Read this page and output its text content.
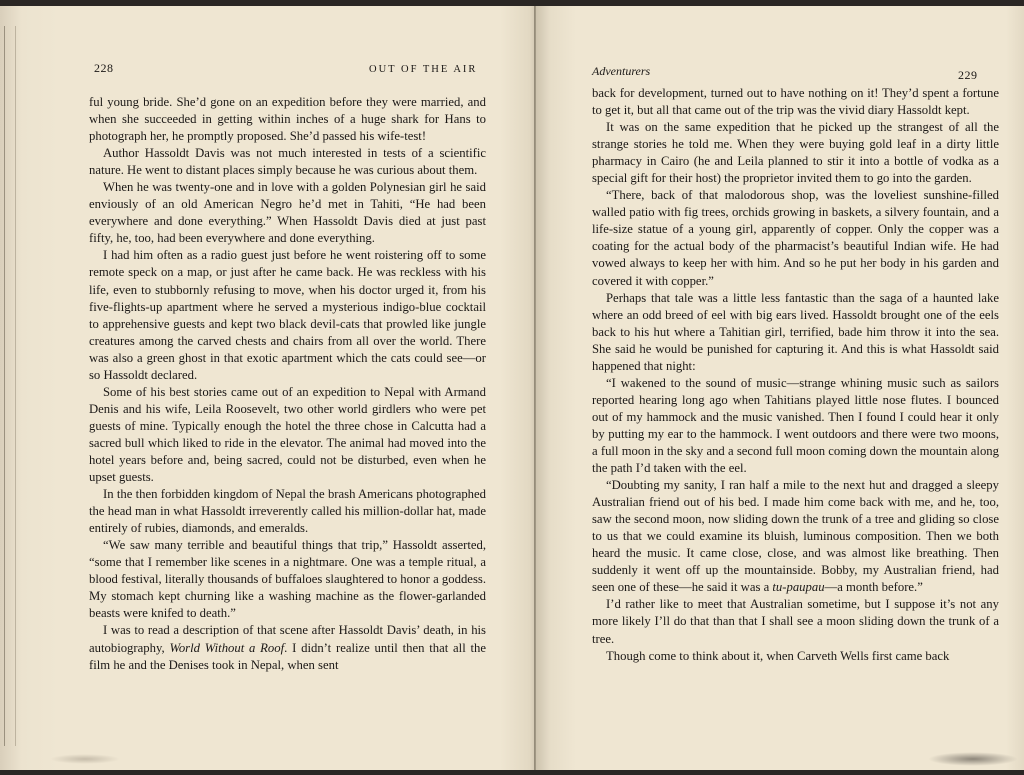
228	OUT OF THE AIR

ful young bride. She’d gone on an expedition before they were married, and when she succeeded in getting within inches of a huge shark for Hans to photograph her, he promptly proposed. She’d passed his wife-test!

Author Hassoldt Davis was not much interested in tests of a scientific nature. He went to distant places simply because he was curious about them.

When he was twenty-one and in love with a golden Polynesian girl he said enviously of an old American Negro he’d met in Tahiti, “He had been everywhere and done everything.” When Hassoldt Davis died at just past fifty, he, too, had been everywhere and done everything.

I had him often as a radio guest just before he went roistering off to some remote speck on a map, or just after he came back. He was reckless with his life, even to stubbornly refusing to move, when his doctor urged it, from his five-flights-up apartment where he served a mysterious indigo-blue cocktail to apprehensive guests and kept two black devil-cats that prowled like jungle creatures among the carved chests and chairs from all over the world. There was also a green ghost in that exotic apartment which the cats could see—or so Hassoldt declared.

Some of his best stories came out of an expedition to Nepal with Armand Denis and his wife, Leila Roosevelt, two other world girdlers who were pet guests of mine. Typically enough the hotel the three chose in Calcutta had a sacred bull which liked to ride in the elevator. The animal had moved into the hotel years before and, being sacred, could not be disturbed, even when he upset guests.

In the then forbidden kingdom of Nepal the brash Americans photographed the head man in what Hassoldt irreverently called his million-dollar hat, made entirely of rubies, diamonds, and emeralds.

“We saw many terrible and beautiful things that trip,” Hassoldt asserted, “some that I remember like scenes in a nightmare. One was a temple ritual, a blood festival, literally thousands of buffaloes slaughtered to honor a goddess. My stomach kept churning like a washing machine as the flower-garlanded beasts were knifed to death.”

I was to read a description of that scene after Hassoldt Davis’ death, in his autobiography, World Without a Roof. I didn’t realize until then that all the film he and the Denises took in Nepal, when sent

Adventurers	229

back for development, turned out to have nothing on it! They’d spent a fortune to get it, but all that came out of the trip was the vivid diary Hassoldt kept.

It was on the same expedition that he picked up the strangest of all the strange stories he told me. When they were buying gold leaf in a dirty little pharmacy in Cairo (he and Leila planned to stir it into a bottle of vodka as a special gift for their host) the proprietor invited them to go into the garden.

“There, back of that malodorous shop, was the loveliest sunshine-filled walled patio with fig trees, orchids growing in baskets, a silvery fountain, and a life-size statue of a young girl, apparently of copper. Only the copper was a coating for the actual body of the pharmacist’s beautiful Indian wife. He had vowed always to keep her with him. And so he put her body in his garden and covered it with copper.”

Perhaps that tale was a little less fantastic than the saga of a haunted lake where an odd breed of eel with big ears lived. Hassoldt brought one of the eels back to his hut where a Tahitian girl, terrified, bade him throw it into the sea. She said he would be punished for capturing it. And this is what Hassoldt said happened that night:

“I wakened to the sound of music—strange whining music such as sailors reported hearing long ago when Tahitians played little nose flutes. I bounced out of my hammock and the music vanished. Then I found I could hear it only by putting my ear to the hammock. I went outdoors and there were two moons, a full moon in the sky and a second full moon coming down the mountain along the path I’d taken with the eel.

“Doubting my sanity, I ran half a mile to the next hut and dragged a sleepy Australian friend out of his bed. I made him come back with me, and he, too, saw the second moon, now sliding down the trunk of a tree and gliding so close to us that we could examine its bluish, luminous composition. Then we both heard the music. It came close, close, and was almost like breathing. Then suddenly it went off up the mountainside. Bobby, my Australian friend, had seen one of these—he said it was a tu-paupau—a month before.”

I’d rather like to meet that Australian sometime, but I suppose it’s not any more likely I’ll do that than that I shall see a moon sliding down the trunk of a tree.

Though come to think about it, when Carveth Wells first came back
